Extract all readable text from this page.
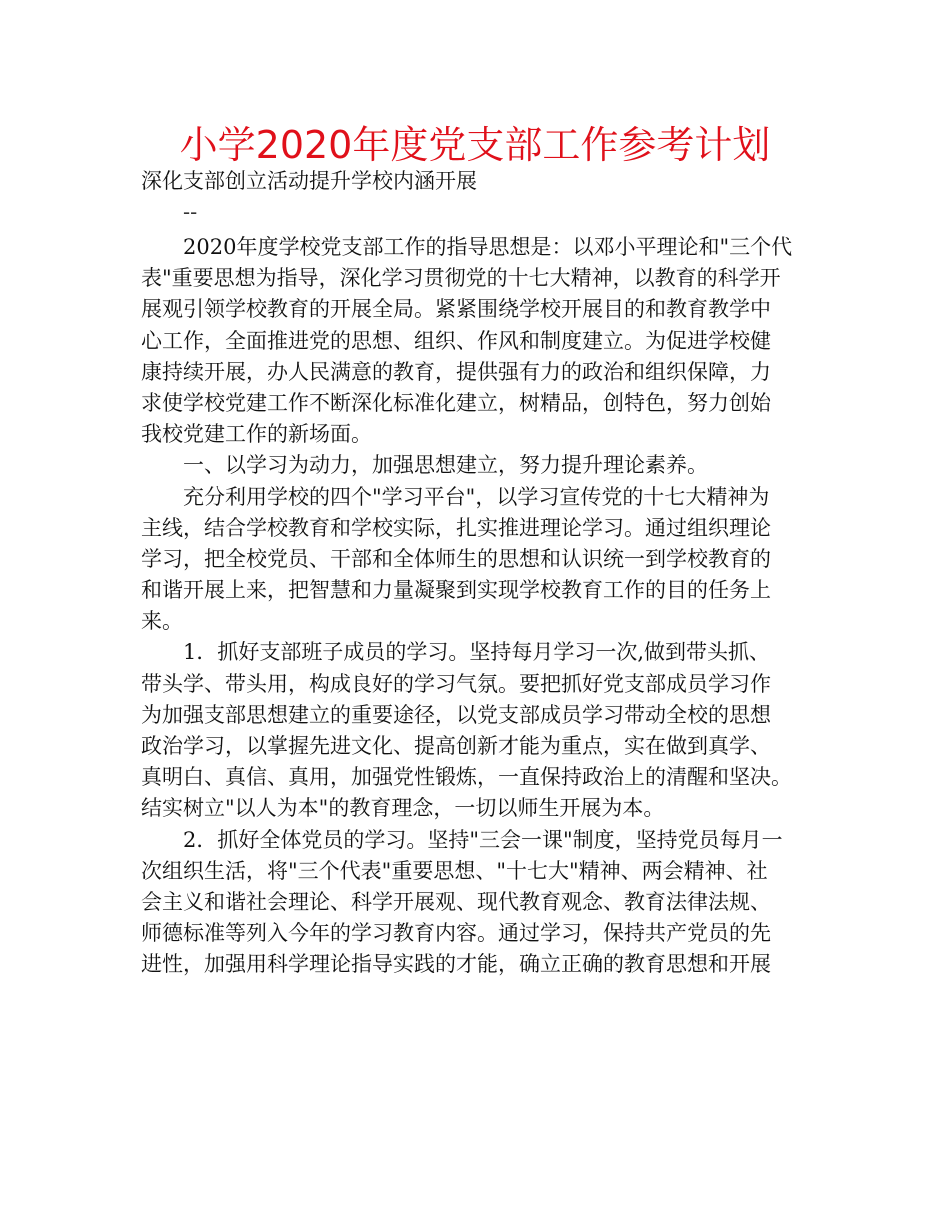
小学2020年度党支部工作参考计划
深化支部创立活动提升学校内涵开展
--
2020年度学校党支部工作的指导思想是：以邓小平理论和"三个代
表"重要思想为指导，深化学习贯彻党的十七大精神，以教育的科学开
展观引领学校教育的开展全局。紧紧围绕学校开展目的和教育教学中
心工作，全面推进党的思想、组织、作风和制度建立。为促进学校健
康持续开展，办人民满意的教育，提供强有力的政治和组织保障，力
求使学校党建工作不断深化标准化建立，树精品，创特色，努力创始
我校党建工作的新场面。
一、以学习为动力，加强思想建立，努力提升理论素养。
充分利用学校的四个"学习平台"，以学习宣传党的十七大精神为
主线，结合学校教育和学校实际，扎实推进理论学习。通过组织理论
学习，把全校党员、干部和全体师生的思想和认识统一到学校教育的
和谐开展上来，把智慧和力量凝聚到实现学校教育工作的目的任务上
来。
1．抓好支部班子成员的学习。坚持每月学习一次,做到带头抓、
带头学、带头用，构成良好的学习气氛。要把抓好党支部成员学习作
为加强支部思想建立的重要途径，以党支部成员学习带动全校的思想
政治学习，以掌握先进文化、提高创新才能为重点，实在做到真学、
真明白、真信、真用，加强党性锻炼，一直保持政治上的清醒和坚决。
结实树立"以人为本"的教育理念，一切以师生开展为本。
2．抓好全体党员的学习。坚持"三会一课"制度，坚持党员每月一
次组织生活，将"三个代表"重要思想、"十七大"精神、两会精神、社
会主义和谐社会理论、科学开展观、现代教育观念、教育法律法规、
师德标准等列入今年的学习教育内容。通过学习，保持共产党员的先
进性，加强用科学理论指导实践的才能，确立正确的教育思想和开展
